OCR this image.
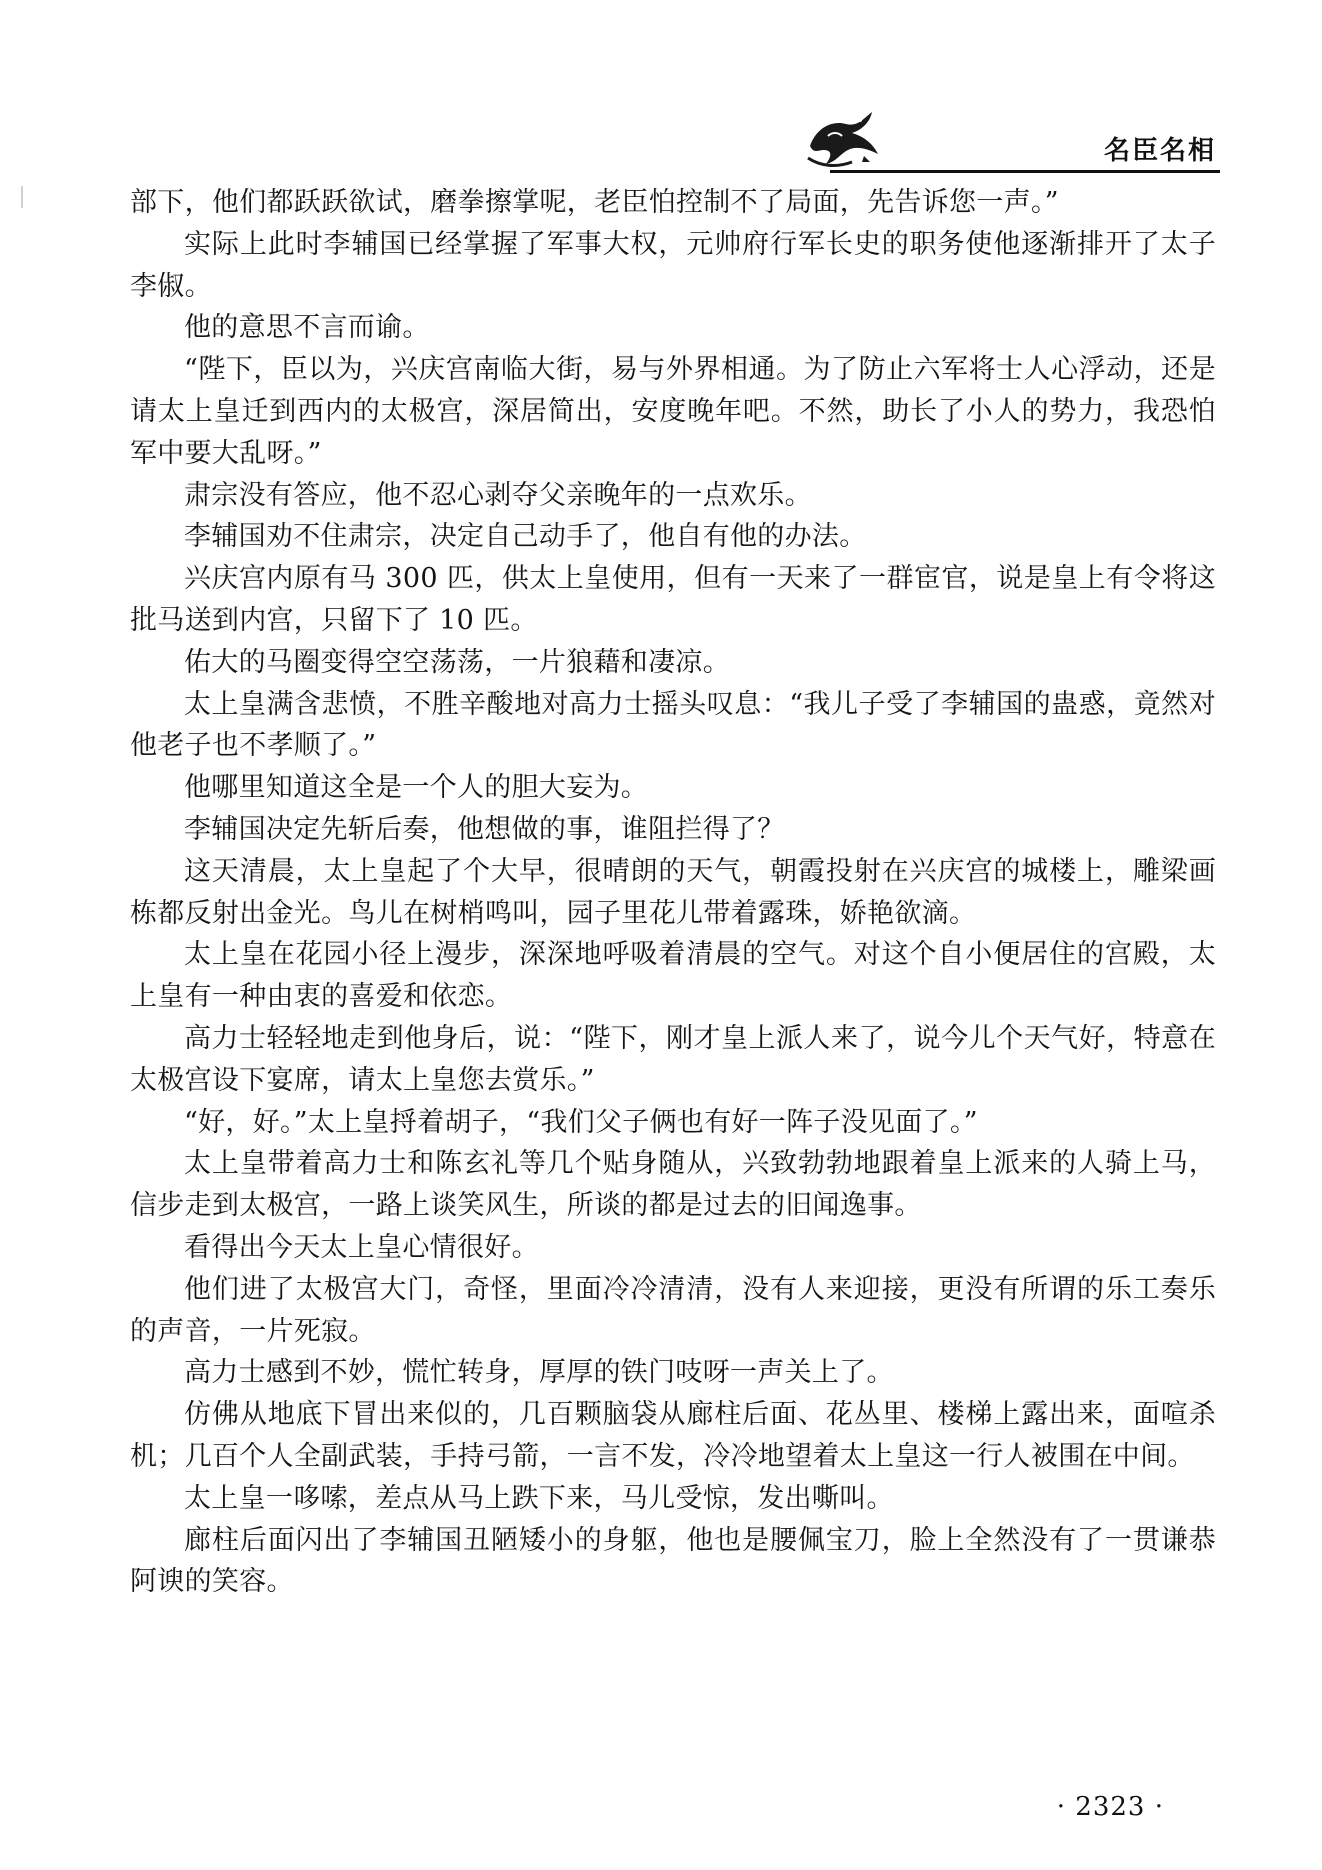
名臣名相

部下，他们都跃跃欲试，磨拳擦掌呢，老臣怕控制不了局面，先告诉您一声。”

实际上此时李辅国已经掌握了军事大权，元帅府行军长史的职务使他逐渐排开了太子李俶。

他的意思不言而谕。

“陛下，臣以为，兴庆宫南临大街，易与外界相通。为了防止六军将士人心浮动，还是请太上皇迁到西内的太极宫，深居简出，安度晚年吧。不然，助长了小人的势力，我恐怕军中要大乱呀。”

肃宗没有答应，他不忍心剥夺父亲晚年的一点欢乐。

李辅国劝不住肃宗，决定自己动手了，他自有他的办法。

兴庆宫内原有马 300 匹，供太上皇使用，但有一天来了一群宦官，说是皇上有令将这批马送到内宫，只留下了 10 匹。

佑大的马圈变得空空荡荡，一片狼藉和凄凉。

太上皇满含悲愤，不胜辛酸地对高力士摇头叹息：“我儿子受了李辅国的蛊惑，竟然对他老子也不孝顺了。”

他哪里知道这全是一个人的胆大妄为。

李辅国决定先斩后奏，他想做的事，谁阻拦得了？

这天清晨，太上皇起了个大早，很晴朗的天气，朝霞投射在兴庆宫的城楼上，雕梁画栋都反射出金光。鸟儿在树梢鸣叫，园子里花儿带着露珠，娇艳欲滴。

太上皇在花园小径上漫步，深深地呼吸着清晨的空气。对这个自小便居住的宫殿，太上皇有一种由衷的喜爱和依恋。

高力士轻轻地走到他身后，说：“陛下，刚才皇上派人来了，说今儿个天气好，特意在太极宫设下宴席，请太上皇您去赏乐。”

“好，好。”太上皇捋着胡子，“我们父子俩也有好一阵子没见面了。”

太上皇带着高力士和陈玄礼等几个贴身随从，兴致勃勃地跟着皇上派来的人骑上马，信步走到太极宫，一路上谈笑风生，所谈的都是过去的旧闻逸事。

看得出今天太上皇心情很好。

他们进了太极宫大门，奇怪，里面冷冷清清，没有人来迎接，更没有所谓的乐工奏乐的声音，一片死寂。

高力士感到不妙，慌忙转身，厚厚的铁门吱呀一声关上了。

仿佛从地底下冒出来似的，几百颗脑袋从廊柱后面、花丛里、楼梯上露出来，面喧杀机；几百个人全副武装，手持弓箭，一言不发，冷冷地望着太上皇这一行人被围在中间。

太上皇一哆嗦，差点从马上跌下来，马儿受惊，发出嘶叫。

廊柱后面闪出了李辅国丑陋矮小的身躯，他也是腰佩宝刀，脸上全然没有了一贯谦恭阿谀的笑容。

· 2323 ·
